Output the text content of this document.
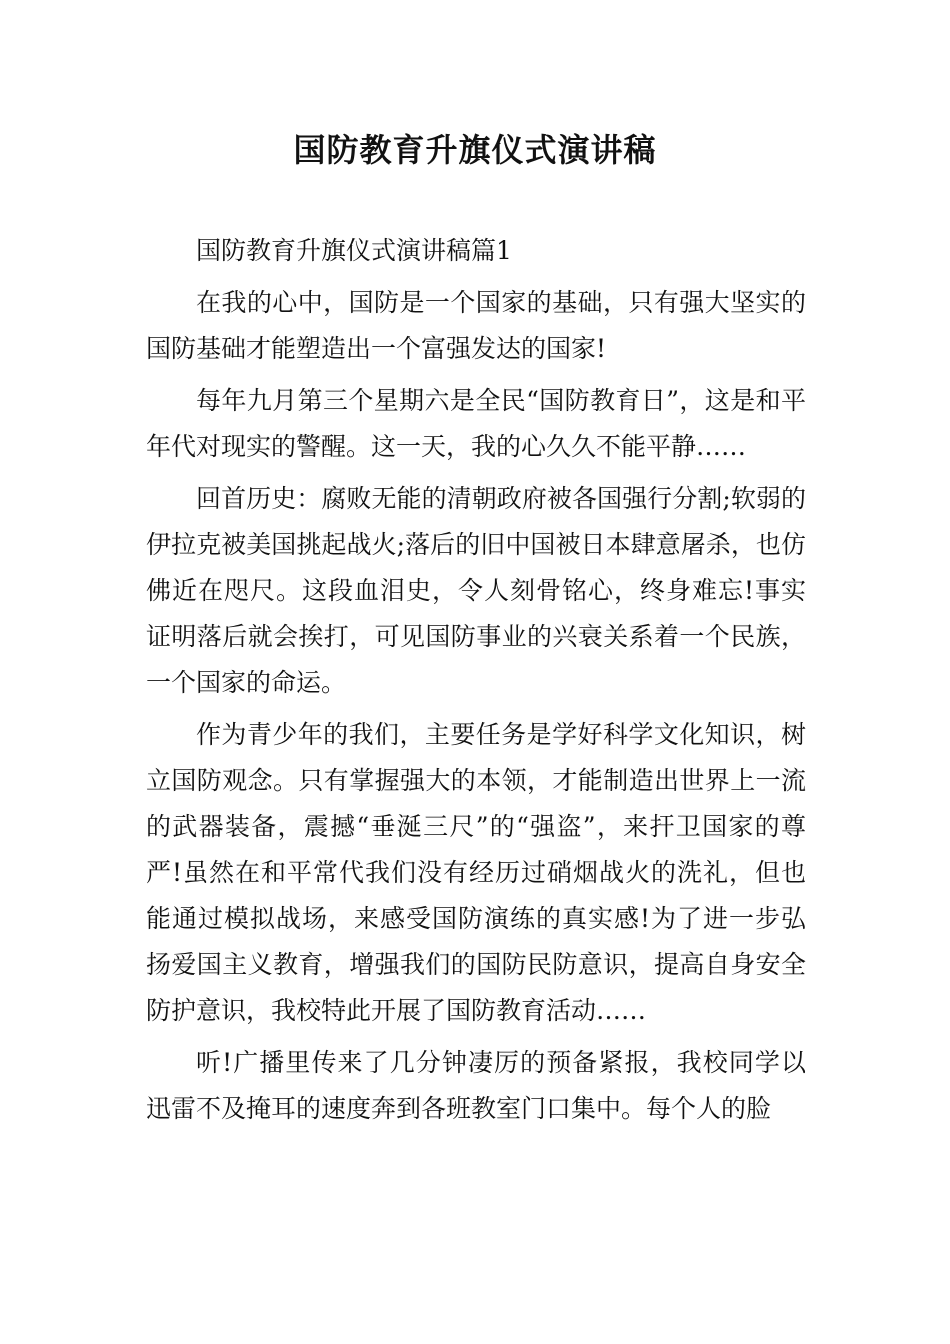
国防教育升旗仪式演讲稿

国防教育升旗仪式演讲稿篇1

在我的心中，国防是一个国家的基础，只有强大坚实的国防基础才能塑造出一个富强发达的国家!

每年九月第三个星期六是全民“国防教育日”，这是和平年代对现实的警醒。这一天，我的心久久不能平静……

回首历史：腐败无能的清朝政府被各国强行分割;软弱的伊拉克被美国挑起战火;落后的旧中国被日本肆意屠杀，也仿佛近在咫尺。这段血泪史，令人刻骨铭心，终身难忘!事实证明落后就会挨打，可见国防事业的兴衰关系着一个民族，一个国家的命运。

作为青少年的我们，主要任务是学好科学文化知识，树立国防观念。只有掌握强大的本领，才能制造出世界上一流的武器装备，震撼“垂涎三尺”的“强盗”，来扞卫国家的尊严!虽然在和平常代我们没有经历过硝烟战火的洗礼，但也能通过模拟战场，来感受国防演练的真实感!为了进一步弘扬爱国主义教育，增强我们的国防民防意识，提高自身安全防护意识，我校特此开展了国防教育活动……

听!广播里传来了几分钟凄厉的预备紧报，我校同学以迅雷不及掩耳的速度奔到各班教室门口集中。每个人的脸
